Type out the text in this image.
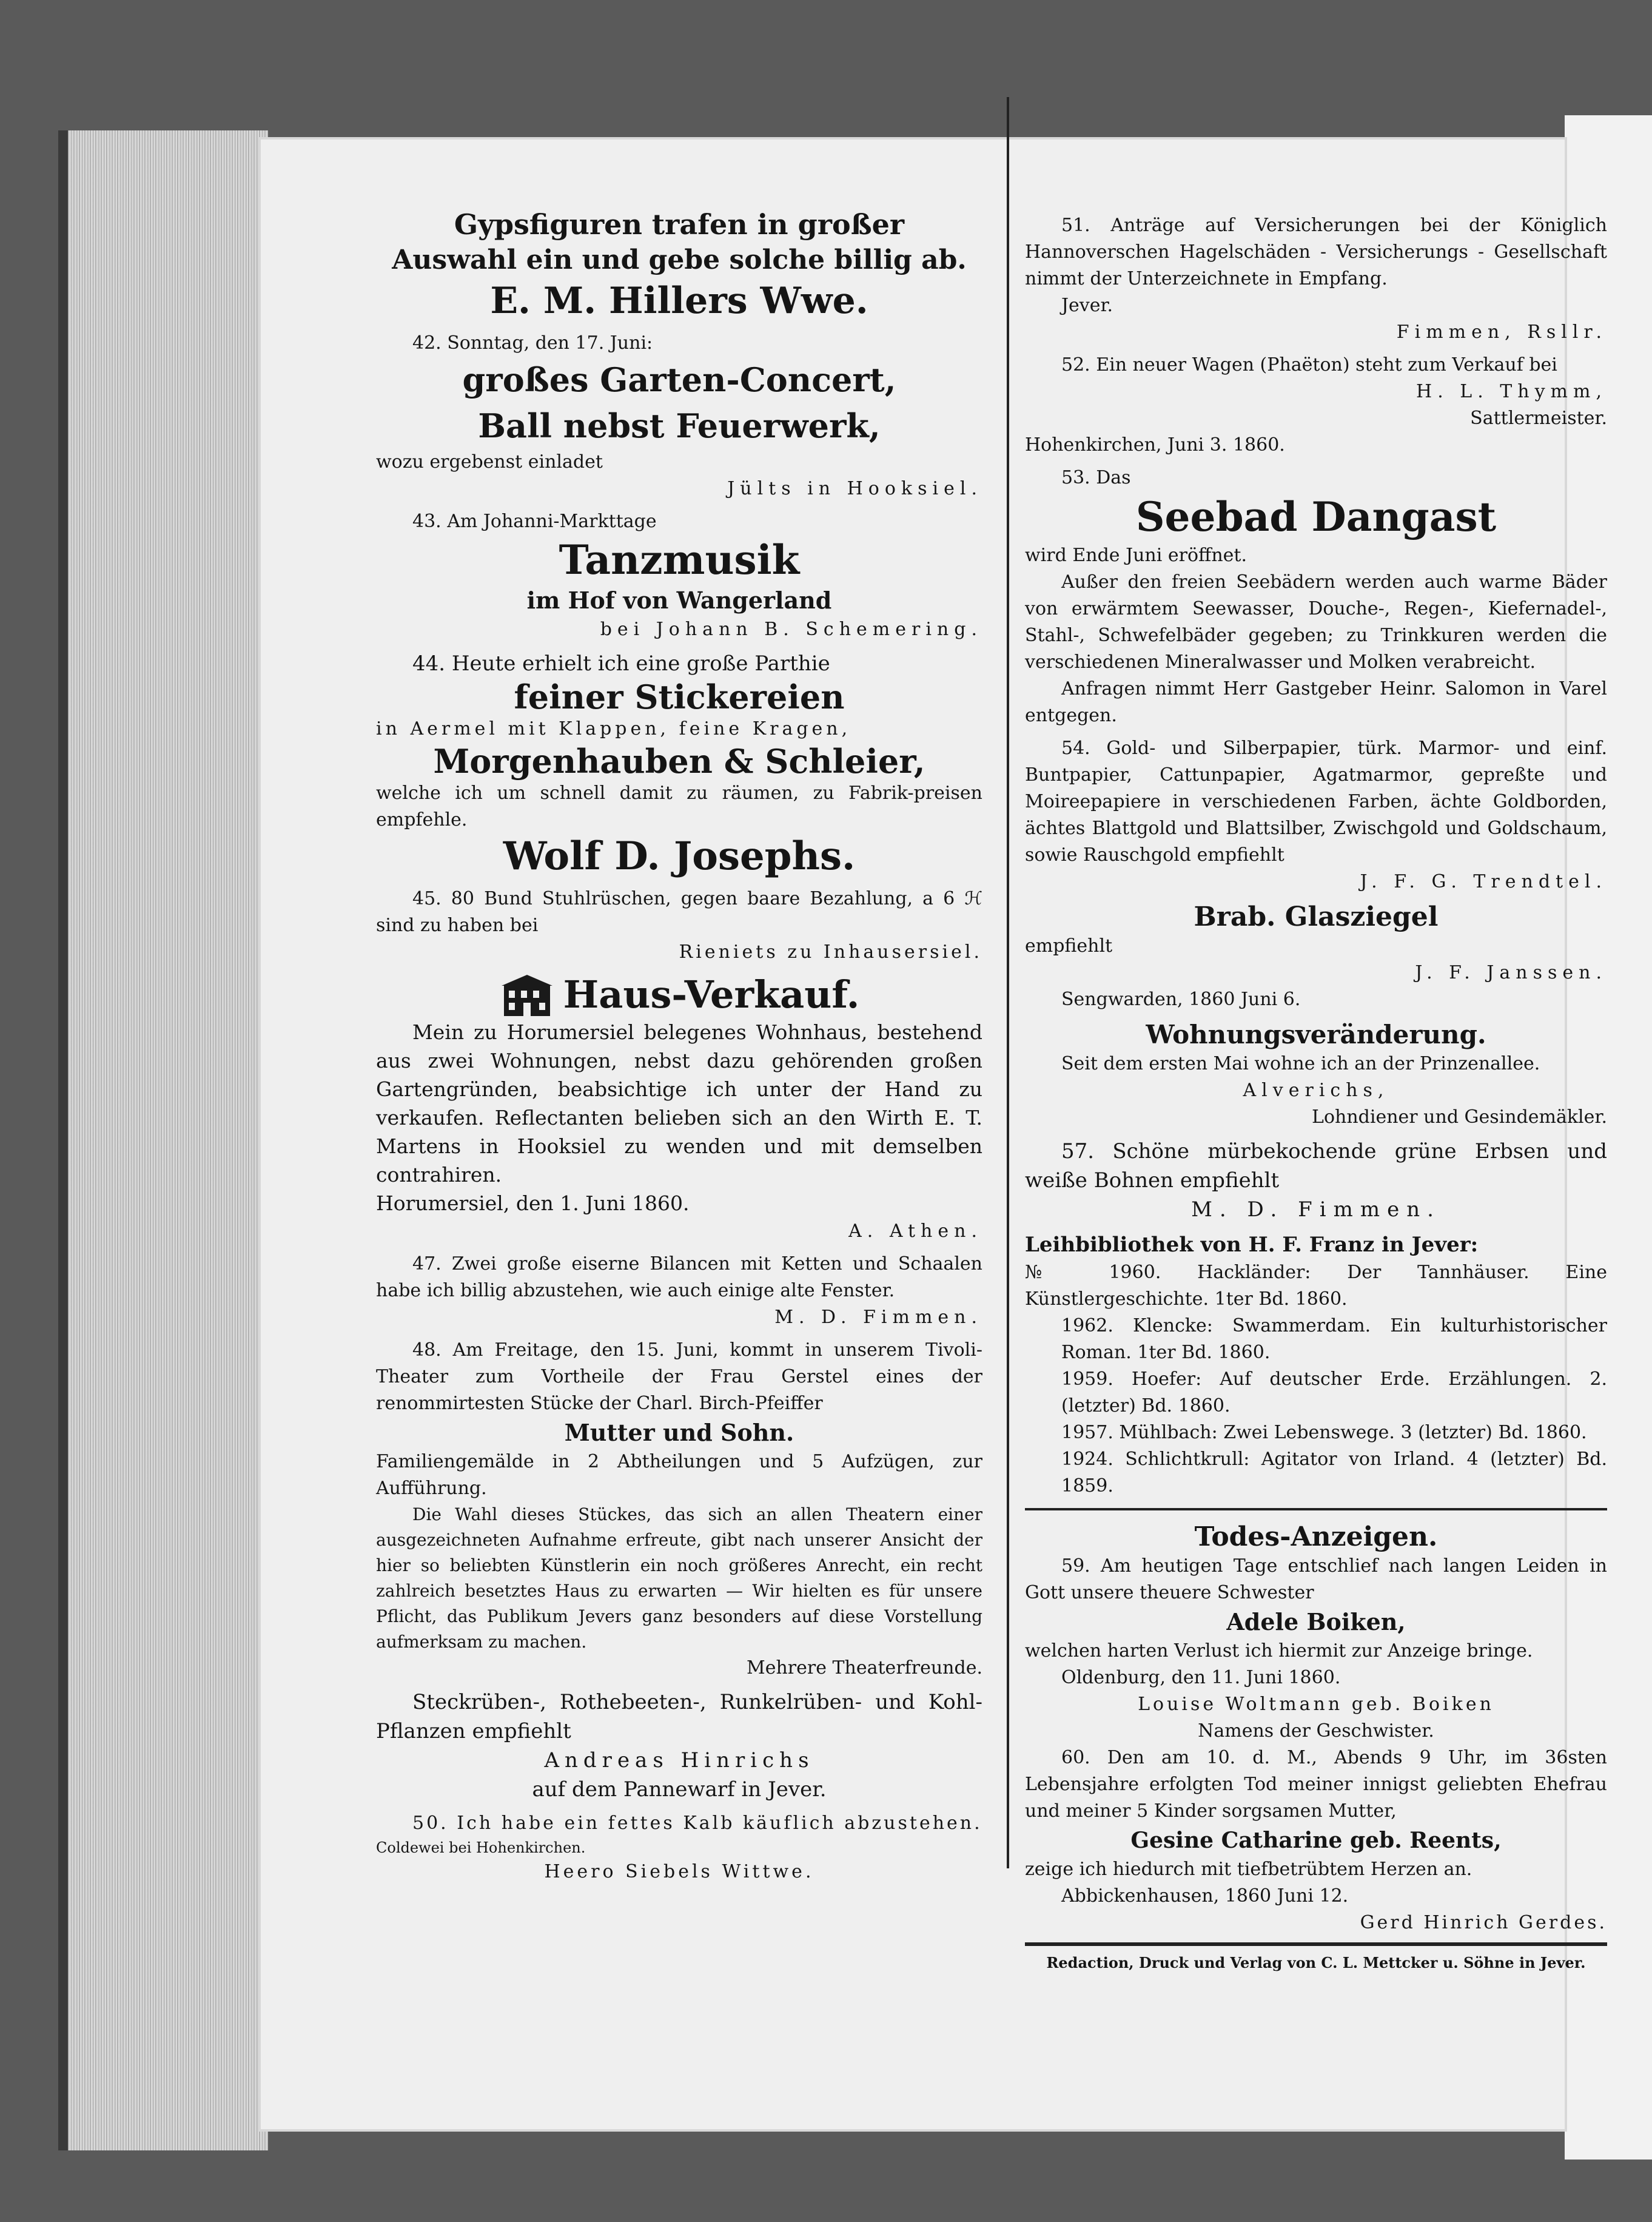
Gypsfiguren trafen in großer

Auswahl ein und gebe solche billig ab.

E. M. Hillers Wwe.

42. Sonntag, den 17. Juni:

großes Garten-Concert,

Ball nebst Feuerwerk,

wozu ergebenst einladet

Jülts in Hooksiel.

43. Am Johanni-Markttage

Tanzmusik

im Hof von Wangerland

bei Johann B. Schemering.

44. Heute erhielt ich eine große Parthie

feiner Stickereien

in Aermel mit Klappen, feine Kragen,

Morgenhauben & Schleier,

welche ich um schnell damit zu räumen, zu Fabrik-preisen empfehle.

Wolf D. Josephs.

45. 80 Bund Stuhlrüschen, gegen baare Bezahlung, a 6 ℋ sind zu haben bei

Rieniets zu Inhausersiel.

Haus-Verkauf.

Mein zu Horumersiel belegenes Wohnhaus, bestehend aus zwei Wohnungen, nebst dazu gehörenden großen Gartengründen, beabsichtige ich unter der Hand zu verkaufen. Reflectanten belieben sich an den Wirth E. T. Martens in Hooksiel zu wenden und mit demselben contrahiren.

Horumersiel, den 1. Juni 1860.

A. Athen.

47. Zwei große eiserne Bilancen mit Ketten und Schaalen habe ich billig abzustehen, wie auch einige alte Fenster.

M. D. Fimmen.

48. Am Freitage, den 15. Juni, kommt in unserem Tivoli-Theater zum Vortheile der Frau Gerstel eines der renommirtesten Stücke der Charl. Birch-Pfeiffer

Mutter und Sohn.

Familiengemälde in 2 Abtheilungen und 5 Aufzügen, zur Aufführung.

Die Wahl dieses Stückes, das sich an allen Theatern einer ausgezeichneten Aufnahme erfreute, gibt nach unserer Ansicht der hier so beliebten Künstlerin ein noch größeres Anrecht, ein recht zahlreich besetztes Haus zu erwarten — Wir hielten es für unsere Pflicht, das Publikum Jevers ganz besonders auf diese Vorstellung aufmerksam zu machen.

Mehrere Theaterfreunde.

Steckrüben-, Rothebeeten-, Runkelrüben- und Kohl-Pflanzen empfiehlt

Andreas Hinrichs

auf dem Pannewarf in Jever.

50. Ich habe ein fettes Kalb käuflich abzustehen.

Coldewei bei Hohenkirchen.

Heero Siebels Wittwe.

51. Anträge auf Versicherungen bei der Königlich Hannoverschen Hagelschäden - Versicherungs - Gesellschaft nimmt der Unterzeichnete in Empfang.

Jever.

Fimmen, Rsllr.

52. Ein neuer Wagen (Phaëton) steht zum Verkauf bei

H. L. Thymm,

Sattlermeister.

Hohenkirchen, Juni 3. 1860.

53. Das

Seebad Dangast

wird Ende Juni eröffnet.

Außer den freien Seebädern werden auch warme Bäder von erwärmtem Seewasser, Douche-, Regen-, Kiefernadel-, Stahl-, Schwefelbäder gegeben; zu Trinkkuren werden die verschiedenen Mineralwasser und Molken verabreicht.

Anfragen nimmt Herr Gastgeber Heinr. Salomon in Varel entgegen.

54. Gold- und Silberpapier, türk. Marmor- und einf. Buntpapier, Cattunpapier, Agatmarmor, gepreßte und Moireepapiere in verschiedenen Farben, ächte Goldborden, ächtes Blattgold und Blattsilber, Zwischgold und Goldschaum, sowie Rauschgold empfiehlt

J. F. G. Trendtel.

Brab. Glasziegel

empfiehlt

J. F. Janssen.

Sengwarden, 1860 Juni 6.

Wohnungsveränderung.

Seit dem ersten Mai wohne ich an der Prinzenallee.

Alverichs,

Lohndiener und Gesindemäkler.

57. Schöne mürbekochende grüne Erbsen und weiße Bohnen empfiehlt

M. D. Fimmen.

Leihbibliothek von H. F. Franz in Jever:

№ 1960. Hackländer: Der Tannhäuser. Eine Künstlergeschichte. 1ter Bd. 1860.

1962. Klencke: Swammerdam. Ein kulturhistorischer Roman. 1ter Bd. 1860.

1959. Hoefer: Auf deutscher Erde. Erzählungen. 2. (letzter) Bd. 1860.

1957. Mühlbach: Zwei Lebenswege. 3 (letzter) Bd. 1860.

1924. Schlichtkrull: Agitator von Irland. 4 (letzter) Bd. 1859.

Todes-Anzeigen.

59. Am heutigen Tage entschlief nach langen Leiden in Gott unsere theuere Schwester

Adele Boiken,

welchen harten Verlust ich hiermit zur Anzeige bringe.

Oldenburg, den 11. Juni 1860.

Louise Woltmann geb. Boiken

Namens der Geschwister.

60. Den am 10. d. M., Abends 9 Uhr, im 36sten Lebensjahre erfolgten Tod meiner innigst geliebten Ehefrau und meiner 5 Kinder sorgsamen Mutter,

Gesine Catharine geb. Reents,

zeige ich hiedurch mit tiefbetrübtem Herzen an.

Abbickenhausen, 1860 Juni 12.

Gerd Hinrich Gerdes.

Redaction, Druck und Verlag von C. L. Mettcker u. Söhne in Jever.
